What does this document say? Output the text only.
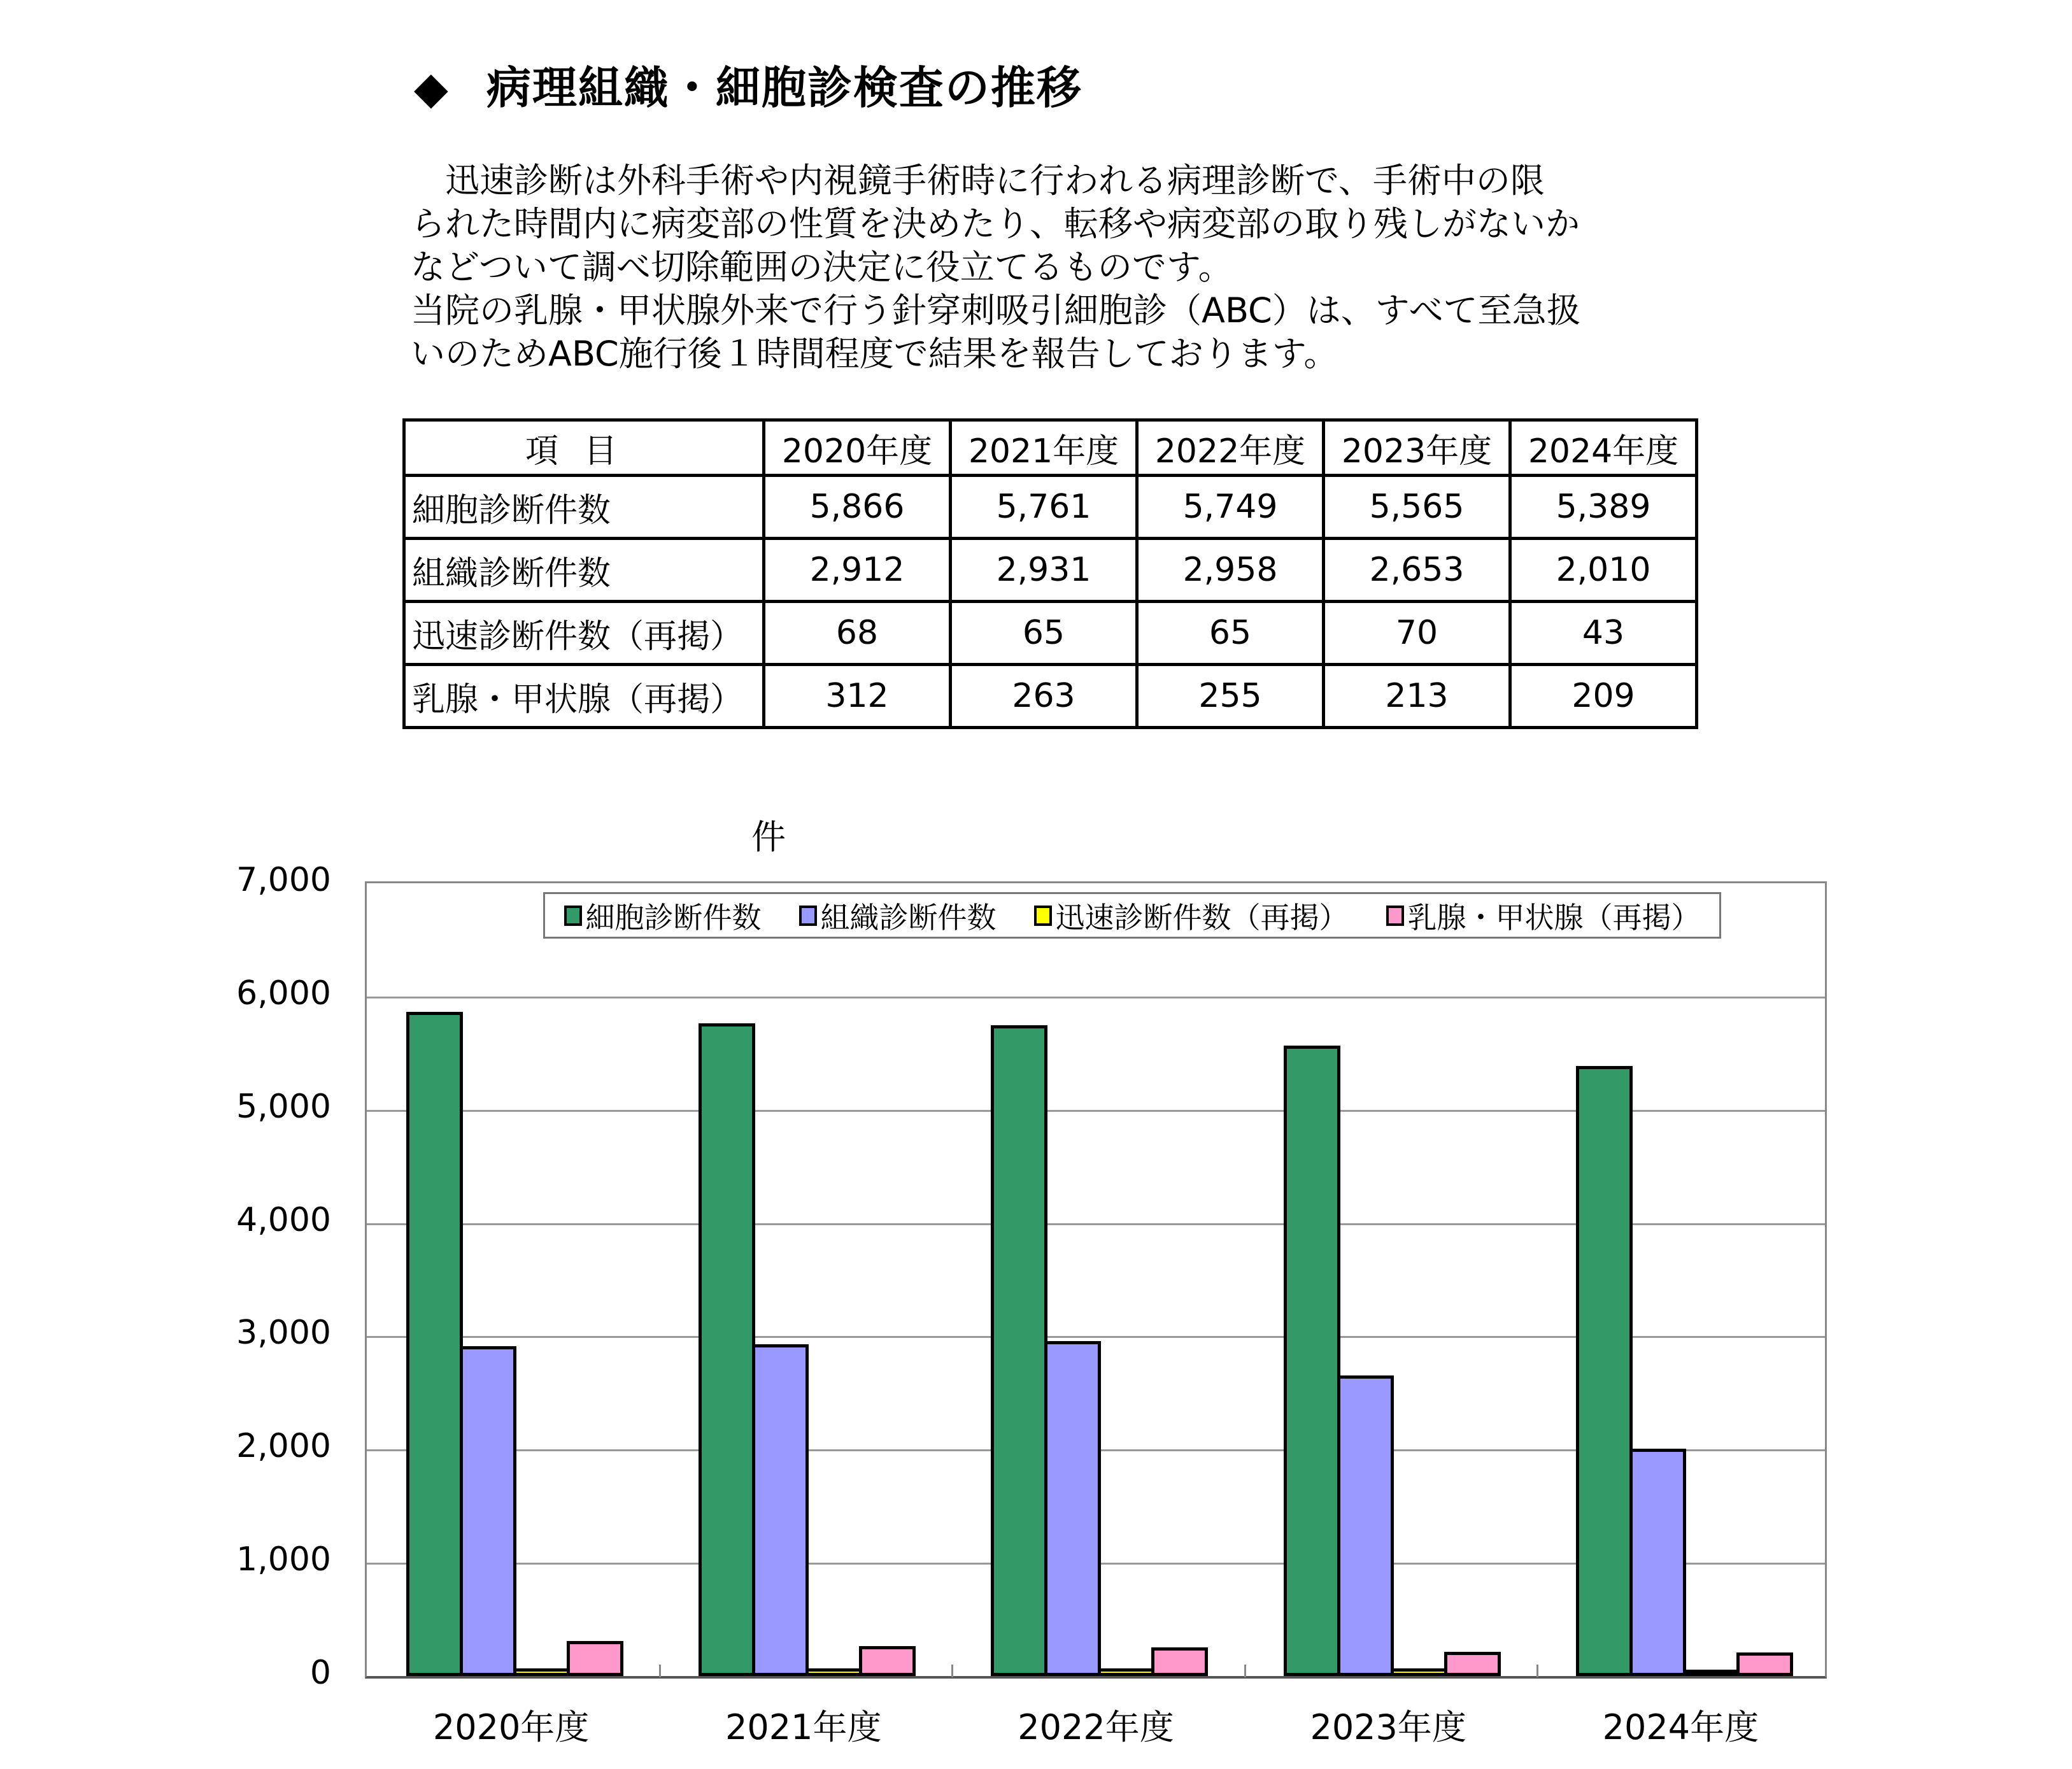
◆ 病理組織・細胞診検査の推移
　迅速診断は外科手術や内視鏡手術時に行われる病理診断で、手術中の限
られた時間内に病変部の性質を決めたり、転移や病変部の取り残しがないか
などついて調べ切除範囲の決定に役立てるものです。
当院の乳腺・甲状腺外来で行う針穿刺吸引細胞診（ABC）は、すべて至急扱
いのためABC施行後１時間程度で結果を報告しております。
項目	2020年度	2021年度	2022年度	2023年度	2024年度
細胞診断件数	5,866	5,761	5,749	5,565	5,389
組織診断件数	2,912	2,931	2,958	2,653	2,010
迅速診断件数（再掲）	68	65	65	70	43
乳腺・甲状腺（再掲）	312	263	255	213	209
件
0
1,000
2,000
3,000
4,000
5,000
6,000
7,000
細胞診断件数 組織診断件数 迅速診断件数（再掲） 乳腺・甲状腺（再掲）
2020年度	2021年度	2022年度	2023年度	2024年度
